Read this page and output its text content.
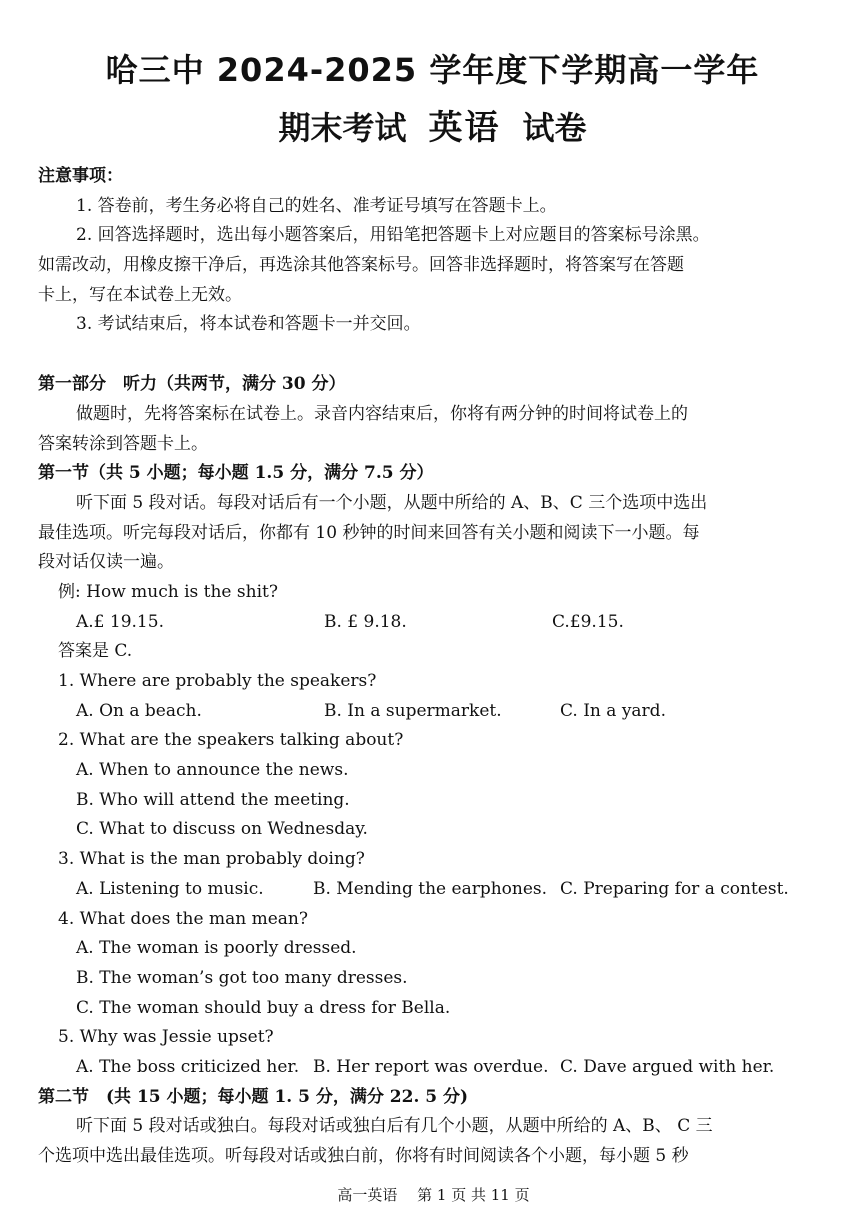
哈三中 2024-2025 学年度下学期高一学年
期末考试 英语 试卷
注意事项：
1. 答卷前，考生务必将自己的姓名、准考证号填写在答题卡上。
2. 回答选择题时，选出每小题答案后，用铅笔把答题卡上对应题目的答案标号涂黑。
如需改动，用橡皮擦干净后，再选涂其他答案标号。回答非选择题时，将答案写在答题
卡上，写在本试卷上无效。
3. 考试结束后，将本试卷和答题卡一并交回。
第一部分　听力（共两节，满分 30 分）
做题时，先将答案标在试卷上。录音内容结束后，你将有两分钟的时间将试卷上的
答案转涂到答题卡上。
第一节（共 5 小题；每小题 1.5 分，满分 7.5 分）
听下面 5 段对话。每段对话后有一个小题，从题中所给的 A、B、C 三个选项中选出
最佳选项。听完每段对话后，你都有 10 秒钟的时间来回答有关小题和阅读下一小题。每
段对话仅读一遍。
例: How much is the shit?
A.£ 19.15.	B. £ 9.18.	C.£9.15.
答案是 C.
1. Where are probably the speakers?
A. On a beach.	B. In a supermarket.	C. In a yard.
2. What are the speakers talking about?
A. When to announce the news.
B. Who will attend the meeting.
C. What to discuss on Wednesday.
3. What is the man probably doing?
A. Listening to music.	B. Mending the earphones. C. Preparing for a contest.
4. What does the man mean?
A. The woman is poorly dressed.
B. The woman’s got too many dresses.
C. The woman should buy a dress for Bella.
5. Why was Jessie upset?
A. The boss criticized her. B. Her report was overdue. C. Dave argued with her.
第二节　(共 15 小题；每小题 1. 5 分，满分 22. 5 分)
听下面 5 段对话或独白。每段对话或独白后有几个小题，从题中所给的 A、B、 C 三
个选项中选出最佳选项。听每段对话或独白前，你将有时间阅读各个小题，每小题 5 秒
高一英语　 第 1 页 共 11 页
